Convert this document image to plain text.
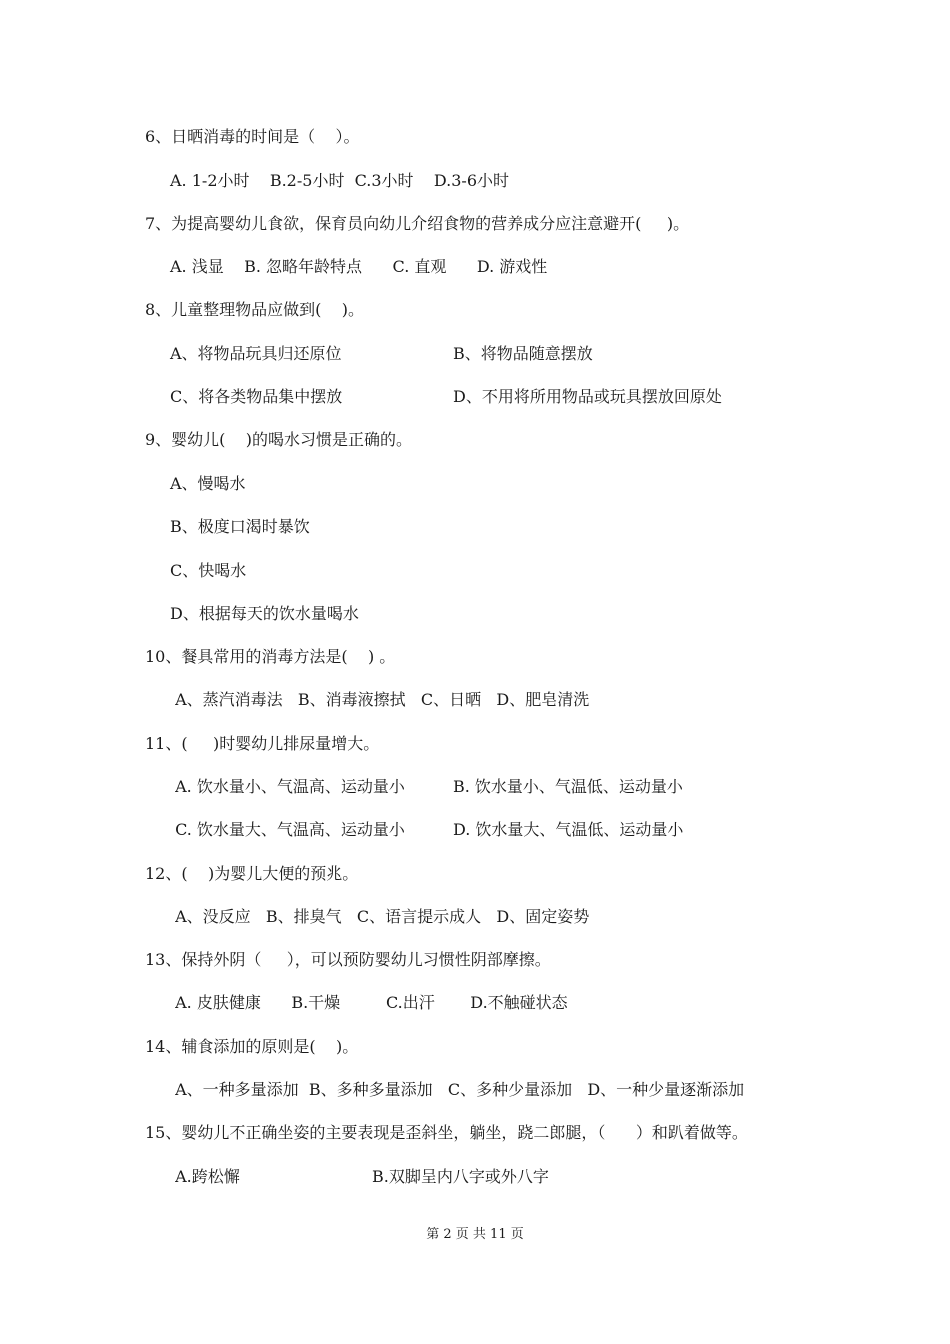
6、日晒消毒的时间是（    ）。
A. 1-2小时    B.2-5小时  C.3小时    D.3-6小时
7、为提高婴幼儿食欲，保育员向幼儿介绍食物的营养成分应注意避开(     )。
A. 浅显    B. 忽略年龄特点      C. 直观      D. 游戏性
8、儿童整理物品应做到(    )。
A、将物品玩具归还原位	B、将物品随意摆放
C、将各类物品集中摆放	D、不用将所用物品或玩具摆放回原处
9、婴幼儿(    )的喝水习惯是正确的。
A、慢喝水
B、极度口渴时暴饮
C、快喝水
D、根据每天的饮水量喝水
10、餐具常用的消毒方法是(    ) 。
A、蒸汽消毒法   B、消毒液擦拭   C、日晒   D、肥皂清洗
11、(     )时婴幼儿排尿量增大。
A. 饮水量小、气温高、运动量小	B. 饮水量小、气温低、运动量小
C. 饮水量大、气温高、运动量小	D. 饮水量大、气温低、运动量小
12、(    )为婴儿大便的预兆。
A、没反应   B、排臭气   C、语言提示成人   D、固定姿势
13、保持外阴（     ），可以预防婴幼儿习惯性阴部摩擦。
A. 皮肤健康      B.干燥         C.出汗       D.不触碰状态
14、辅食添加的原则是(    )。
A、一种多量添加  B、多种多量添加   C、多种少量添加   D、一种少量逐渐添加
15、婴幼儿不正确坐姿的主要表现是歪斜坐，躺坐，跷二郎腿，（      ）和趴着做等。
A.跨松懈	B.双脚呈内八字或外八字
第 2 页 共 11 页
